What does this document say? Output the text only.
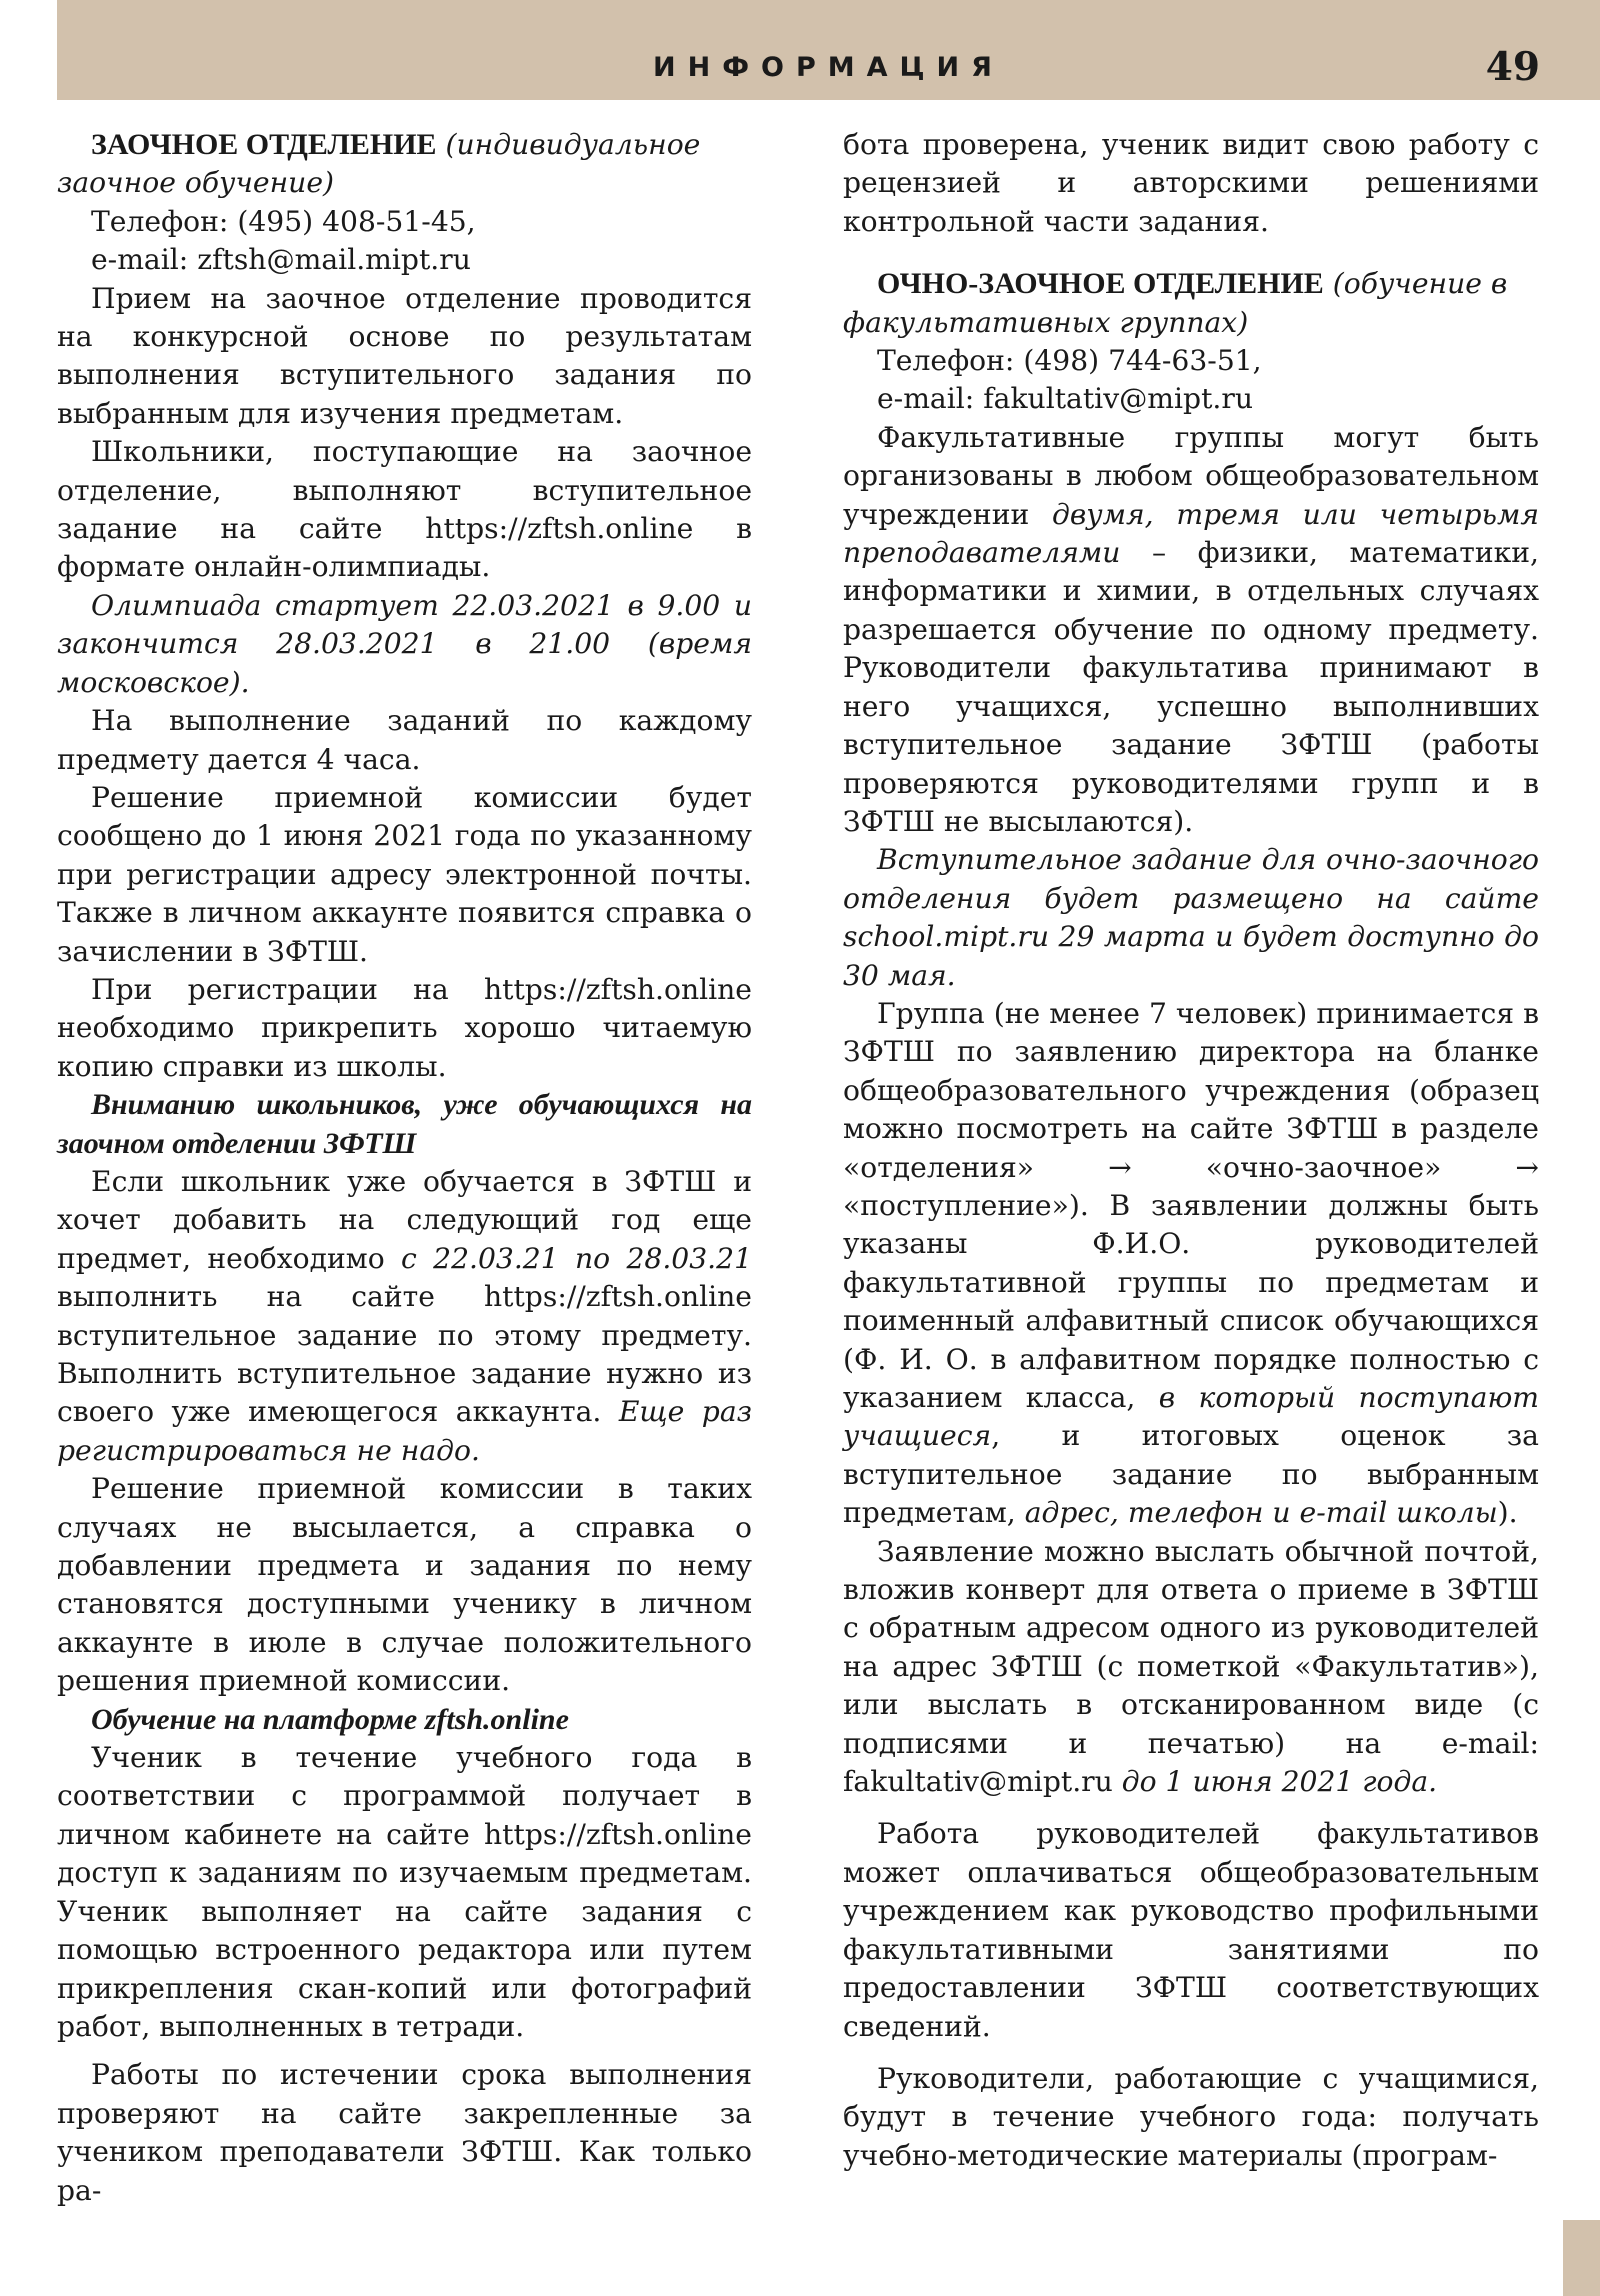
ИНФОРМАЦИЯ	49

ЗАОЧНОЕ ОТДЕЛЕНИЕ (индивидуальное заочное обучение)

Телефон: (495) 408-51-45,

e-mail: zftsh@mail.mipt.ru

Прием на заочное отделение проводится на конкурсной основе по результатам выполнения вступительного задания по выбранным для изучения предметам.

Школьники, поступающие на заочное отделение, выполняют вступительное задание на сайте https://zftsh.online в формате онлайн-олимпиады.

Олимпиада стартует 22.03.2021 в 9.00 и закончится 28.03.2021 в 21.00 (время московское).

На выполнение заданий по каждому предмету дается 4 часа.

Решение приемной комиссии будет сообщено до 1 июня 2021 года по указанному при регистрации адресу электронной почты. Также в личном аккаунте появится справка о зачислении в ЗФТШ.

При регистрации на https://zftsh.online необходимо прикрепить хорошо читаемую копию справки из школы.

Вниманию школьников, уже обучающихся на заочном отделении ЗФТШ

Если школьник уже обучается в ЗФТШ и хочет добавить на следующий год еще предмет, необходимо с 22.03.21 по 28.03.21 выполнить на сайте https://zftsh.online вступительное задание по этому предмету. Выполнить вступительное задание нужно из своего уже имеющегося аккаунта. Еще раз регистрироваться не надо.

Решение приемной комиссии в таких случаях не высылается, а справка о добавлении предмета и задания по нему становятся доступными ученику в личном аккаунте в июле в случае положительного решения приемной комиссии.

Обучение на платформе zftsh.online

Ученик в течение учебного года в соответствии с программой получает в личном кабинете на сайте https://zftsh.online доступ к заданиям по изучаемым предметам. Ученик выполняет на сайте задания с помощью встроенного редактора или путем прикрепления скан-копий или фотографий работ, выполненных в тетради.

Работы по истечении срока выполнения проверяют на сайте закрепленные за учеником преподаватели ЗФТШ. Как только ра-

бота проверена, ученик видит свою работу с рецензией и авторскими решениями контрольной части задания.

ОЧНО-ЗАОЧНОЕ ОТДЕЛЕНИЕ (обучение в факультативных группах)

Телефон: (498) 744-63-51,

e-mail: fakultativ@mipt.ru

Факультативные группы могут быть организованы в любом общеобразовательном учреждении двумя, тремя или четырьмя преподавателями – физики, математики, информатики и химии, в отдельных случаях разрешается обучение по одному предмету. Руководители факультатива принимают в него учащихся, успешно выполнивших вступительное задание ЗФТШ (работы проверяются руководителями групп и в ЗФТШ не высылаются).

Вступительное задание для очно-заочного отделения будет размещено на сайте school.mipt.ru 29 марта и будет доступно до 30 мая.

Группа (не менее 7 человек) принимается в ЗФТШ по заявлению директора на бланке общеобразовательного учреждения (образец можно посмотреть на сайте ЗФТШ в разделе «отделения» → «очно-заочное» → «поступление»). В заявлении должны быть указаны Ф.И.О. руководителей факультативной группы по предметам и поименный алфавитный список обучающихся (Ф. И. О. в алфавитном порядке полностью с указанием класса, в который поступают учащиеся, и итоговых оценок за вступительное задание по выбранным предметам, адрес, телефон и e-mail школы).

Заявление можно выслать обычной почтой, вложив конверт для ответа о приеме в ЗФТШ с обратным адресом одного из руководителей на адрес ЗФТШ (с пометкой «Факультатив»), или выслать в отсканированном виде (с подписями и печатью) на e-mail: fakultativ@mipt.ru до 1 июня 2021 года.

Работа руководителей факультативов может оплачиваться общеобразовательным учреждением как руководство профильными факультативными занятиями по предоставлении ЗФТШ соответствующих сведений.

Руководители, работающие с учащимися, будут в течение учебного года: получать учебно-методические материалы (програм-
